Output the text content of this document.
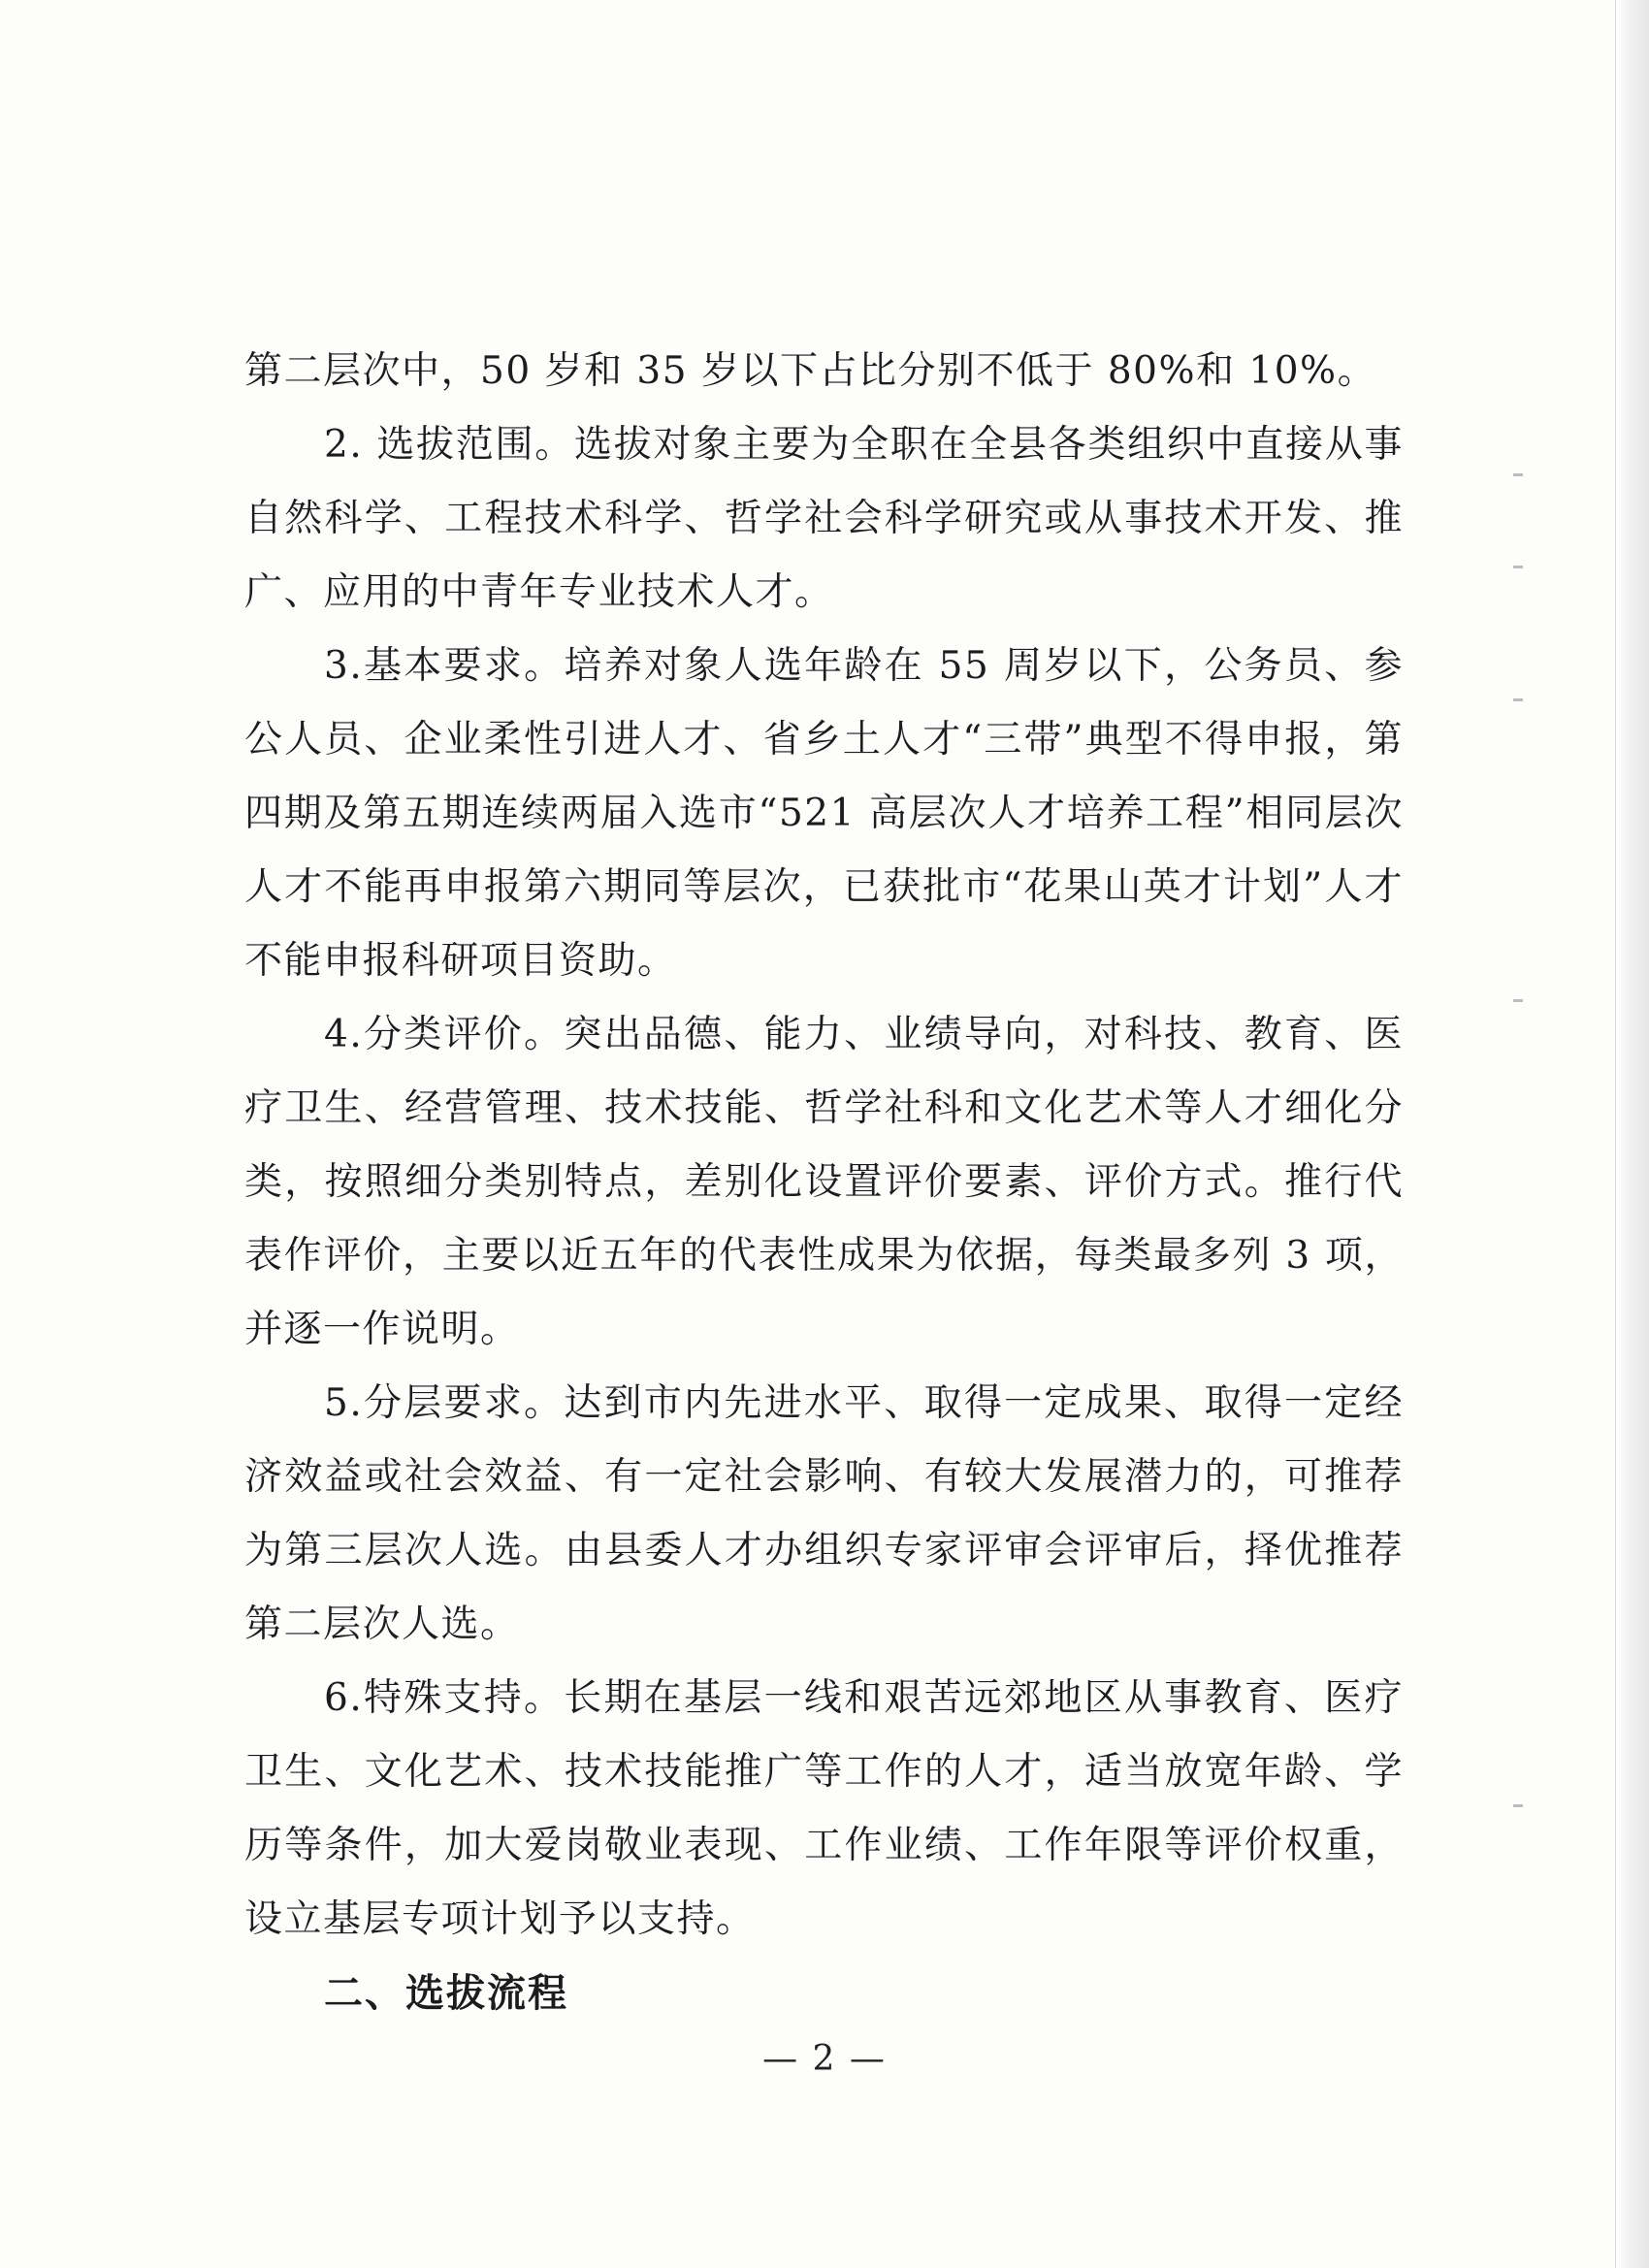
第二层次中，50 岁和 35 岁以下占比分别不低于 80%和 10%。

2. 选拔范围。选拔对象主要为全职在全县各类组织中直接从事自然科学、工程技术科学、哲学社会科学研究或从事技术开发、推广、应用的中青年专业技术人才。

3.基本要求。培养对象人选年龄在 55 周岁以下，公务员、参公人员、企业柔性引进人才、省乡土人才“三带”典型不得申报，第四期及第五期连续两届入选市“521 高层次人才培养工程”相同层次人才不能再申报第六期同等层次，已获批市“花果山英才计划”人才不能申报科研项目资助。

4.分类评价。突出品德、能力、业绩导向，对科技、教育、医疗卫生、经营管理、技术技能、哲学社科和文化艺术等人才细化分类，按照细分类别特点，差别化设置评价要素、评价方式。推行代表作评价，主要以近五年的代表性成果为依据，每类最多列 3 项，并逐一作说明。

5.分层要求。达到市内先进水平、取得一定成果、取得一定经济效益或社会效益、有一定社会影响、有较大发展潜力的，可推荐为第三层次人选。由县委人才办组织专家评审会评审后，择优推荐第二层次人选。

6.特殊支持。长期在基层一线和艰苦远郊地区从事教育、医疗卫生、文化艺术、技术技能推广等工作的人才，适当放宽年龄、学历等条件，加大爱岗敬业表现、工作业绩、工作年限等评价权重，设立基层专项计划予以支持。

二、选拔流程

— 2 —
